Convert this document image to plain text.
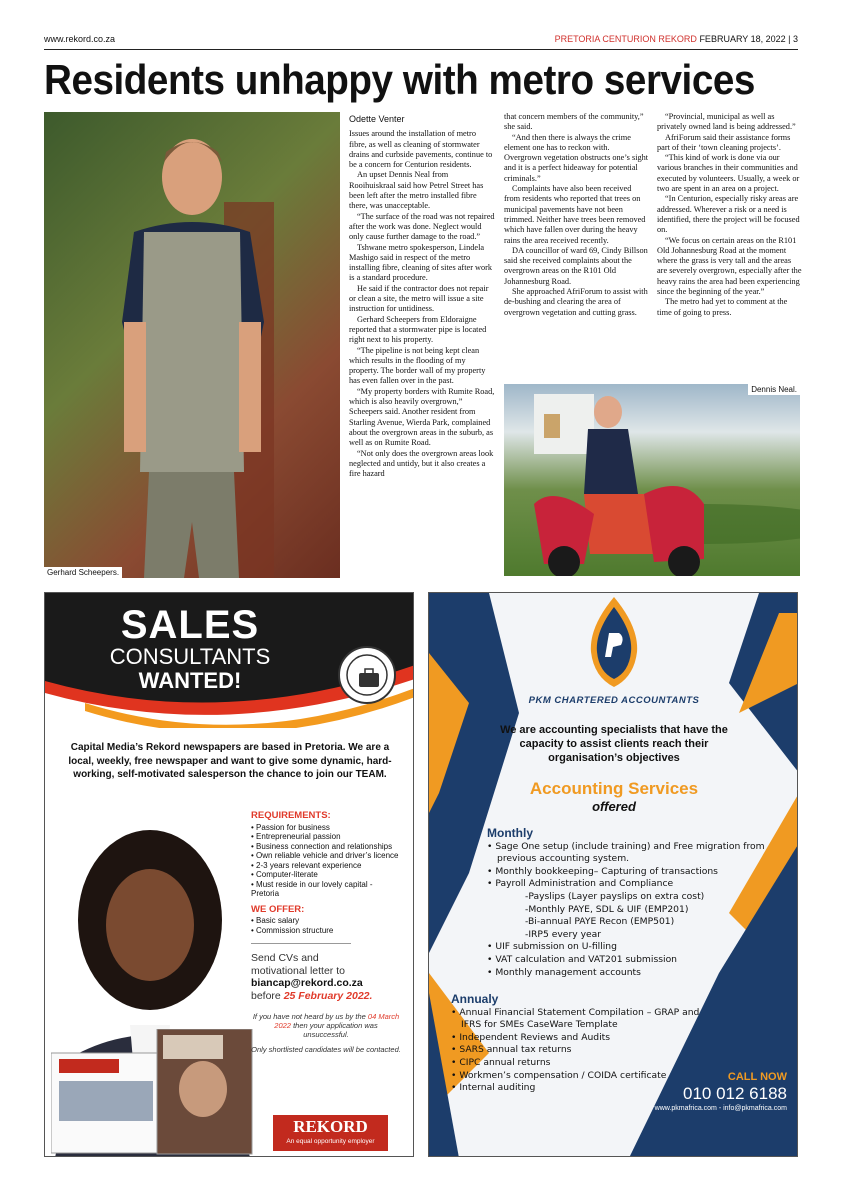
www.rekord.co.za	PRETORIA CENTURION REKORD FEBRUARY 18, 2022 | 3
Residents unhappy with metro services
Gerhard Scheepers.

Odette Venter

Issues around the installation of metro fibre, as well as cleaning of stormwater drains and curbside pavements, continue to be a concern for Centurion residents.

An upset Dennis Neal from Rooihuiskraal said how Petrel Street has been left after the metro installed fibre there, was unacceptable.

“The surface of the road was not repaired after the work was done. Neglect would only cause further damage to the road.”

Tshwane metro spokesperson, Lindela Mashigo said in respect of the metro installing fibre, cleaning of sites after work is a standard procedure.

He said if the contractor does not repair or clean a site, the metro will issue a site instruction for untidiness.

Gerhard Scheepers from Eldoraigne reported that a stormwater pipe is located right next to his property.

“The pipeline is not being kept clean which results in the flooding of my property. The border wall of my property has even fallen over in the past.

“My property borders with Rumite Road, which is also heavily overgrown,” Scheepers said. Another resident from Starling Avenue, Wierda Park, complained about the overgrown areas in the suburb, as well as on Rumite Road.

“Not only does the overgrown areas look neglected and untidy, but it also creates a fire hazard

that concern members of the community,” she said.

“And then there is always the crime element one has to reckon with. Overgrown vegetation obstructs one’s sight and it is a perfect hideaway for potential criminals.”

Complaints have also been received from residents who reported that trees on municipal pavements have not been trimmed. Neither have trees been removed which have fallen over during the heavy rains the area received recently.

DA councillor of ward 69, Cindy Billson said she received complaints about the overgrown areas on the R101 Old Johannesburg Road.

She approached AfriForum to assist with de-bushing and clearing the area of overgrown vegetation and cutting grass.

“Provincial, municipal as well as privately owned land is being addressed.”

AfriForum said their assistance forms part of their ‘town cleaning projects’.

“This kind of work is done via our various branches in their communities and executed by volunteers. Usually, a week or two are spent in an area on a project.

“In Centurion, especially risky areas are addressed. Wherever a risk or a need is identified, there the project will be focused on.

“We focus on certain areas on the R101 Old Johannesburg Road at the moment where the grass is very tall and the areas are severely overgrown, especially after the heavy rains the area had been experiencing since the beginning of the year.”

The metro had yet to comment at the time of going to press.

Dennis Neal.
SALES
CONSULTANTS
WANTED!
Capital Media’s Rekord newspapers are based in Pretoria. We are a local, weekly, free newspaper and want to give some dynamic, hard-working, self-motivated salesperson the chance to join our TEAM.
REQUIREMENTS:
• Passion for business
• Entrepreneurial passion
• Business connection and relationships
• Own reliable vehicle and driver’s licence
• 2-3 years relevant experience
• Computer-literate
• Must reside in our lovely capital - Pretoria
WE OFFER:
• Basic salary
• Commission structure
Send CVs and
motivational letter to
biancap@rekord.co.za
before 25 February 2022.
If you have not heard by us by the 04 March 2022 then your application was unsuccessful.
Only shortlisted candidates will be contacted.
REKORD
An equal opportunity employer
PKM CHARTERED ACCOUNTANTS
We are accounting specialists that have the capacity to assist clients reach their organisation’s objectives
Accounting Services
offered
Monthly
• Sage One setup (include training) and Free migration from previous accounting system.
• Monthly bookkeeping– Capturing of transactions
• Payroll Administration and Compliance
-Payslips (Layer payslips on extra cost)
-Monthly PAYE, SDL & UIF (EMP201)
-Bi-annual PAYE Recon (EMP501)
-IRP5 every year
• UIF submission on U-filling
• VAT calculation and VAT201 submission
• Monthly management accounts
Annualy
• Annual Financial Statement Compilation – GRAP and IFRS for SMEs CaseWare Template
• Independent Reviews and Audits
• SARS annual tax returns
• CIPC annual returns
• Workmen’s compensation / COIDA certificate
• Internal auditing
CALL NOW
010 012 6188
www.pkmafrica.com - info@pkmafrica.com
